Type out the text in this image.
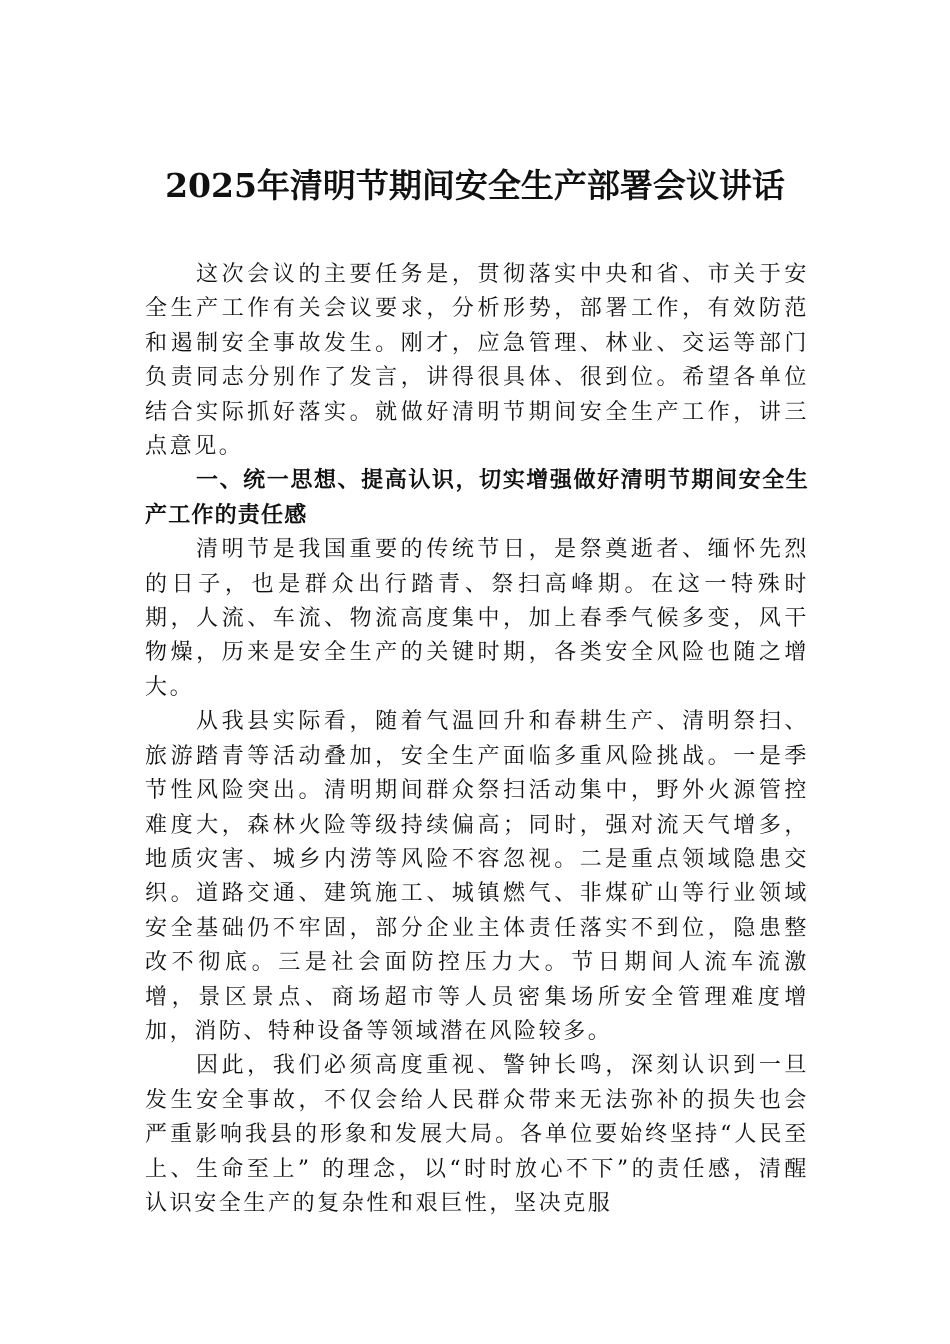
2025年清明节期间安全生产部署会议讲话

这次会议的主要任务是，贯彻落实中央和省、市关于安全生产工作有关会议要求，分析形势，部署工作，有效防范和遏制安全事故发生。刚才，应急管理、林业、交运等部门负责同志分别作了发言，讲得很具体、很到位。希望各单位结合实际抓好落实。就做好清明节期间安全生产工作，讲三点意见。

一、统一思想、提高认识，切实增强做好清明节期间安全生产工作的责任感

清明节是我国重要的传统节日，是祭奠逝者、缅怀先烈的日子，也是群众出行踏青、祭扫高峰期。在这一特殊时期，人流、车流、物流高度集中，加上春季气候多变，风干物燥，历来是安全生产的关键时期，各类安全风险也随之增大。

从我县实际看，随着气温回升和春耕生产、清明祭扫、旅游踏青等活动叠加，安全生产面临多重风险挑战。一是季节性风险突出。清明期间群众祭扫活动集中，野外火源管控难度大，森林火险等级持续偏高；同时，强对流天气增多，地质灾害、城乡内涝等风险不容忽视。二是重点领域隐患交织。道路交通、建筑施工、城镇燃气、非煤矿山等行业领域安全基础仍不牢固，部分企业主体责任落实不到位，隐患整改不彻底。三是社会面防控压力大。节日期间人流车流激增，景区景点、商场超市等人员密集场所安全管理难度增加，消防、特种设备等领域潜在风险较多。

因此，我们必须高度重视、警钟长鸣，深刻认识到一旦发生安全事故，不仅会给人民群众带来无法弥补的损失也会严重影响我县的形象和发展大局。各单位要始终坚持“人民至上、生命至上” 的理念，以“时时放心不下”的责任感，清醒认识安全生产的复杂性和艰巨性，坚决克服
